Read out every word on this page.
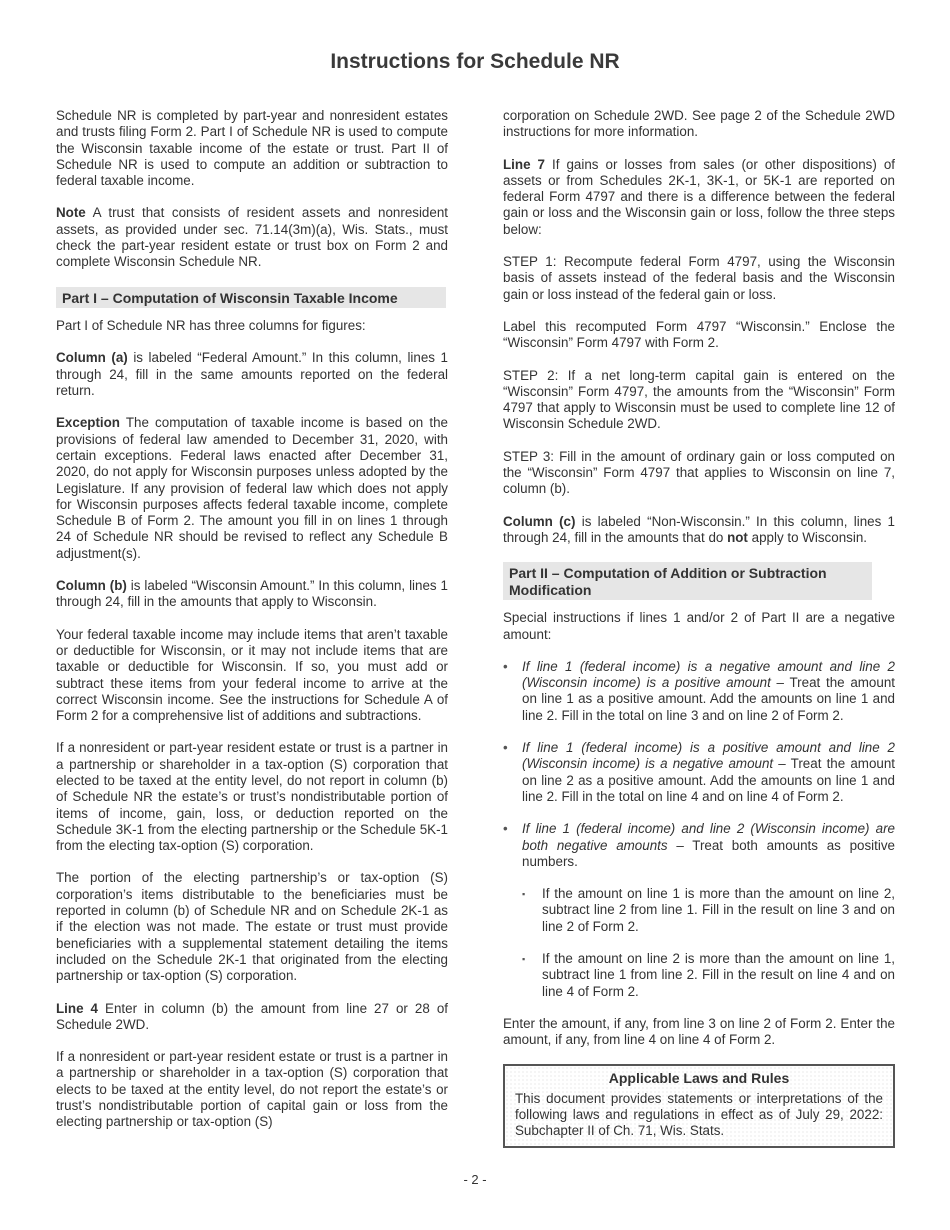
Instructions for Schedule NR

Schedule NR is completed by part-year and nonresident estates and trusts filing Form 2. Part I of Schedule NR is used to compute the Wisconsin taxable income of the estate or trust. Part II of Schedule NR is used to compute an addition or subtraction to federal taxable income.

Note A trust that consists of resident assets and nonresident assets, as provided under sec. 71.14(3m)(a), Wis. Stats., must check the part-year resident estate or trust box on Form 2 and complete Wisconsin Schedule NR.

Part I – Computation of Wisconsin Taxable Income

Part I of Schedule NR has three columns for figures:

Column (a) is labeled “Federal Amount.” In this column, lines 1 through 24, fill in the same amounts reported on the federal return.

Exception The computation of taxable income is based on the provisions of federal law amended to December 31, 2020, with certain exceptions. Federal laws enacted after December 31, 2020, do not apply for Wisconsin purposes unless adopted by the Legislature. If any provision of federal law which does not apply for Wisconsin purposes affects federal taxable income, complete Schedule B of Form 2. The amount you fill in on lines 1 through 24 of Schedule NR should be revised to reflect any Schedule B adjustment(s).

Column (b) is labeled “Wisconsin Amount.” In this column, lines 1 through 24, fill in the amounts that apply to Wisconsin.

Your federal taxable income may include items that aren’t taxable or deductible for Wisconsin, or it may not include items that are taxable or deductible for Wisconsin. If so, you must add or subtract these items from your federal income to arrive at the correct Wisconsin income. See the instructions for Schedule A of Form 2 for a comprehensive list of additions and subtractions.

If a nonresident or part-year resident estate or trust is a partner in a partnership or shareholder in a tax-option (S) corporation that elected to be taxed at the entity level, do not report in column (b) of Schedule NR the estate’s or trust’s nondistributable portion of items of income, gain, loss, or deduction reported on the Schedule 3K-1 from the electing partnership or the Schedule 5K-1 from the electing tax-option (S) corporation.

The portion of the electing partnership’s or tax-option (S) corporation’s items distributable to the beneficiaries must be reported in column (b) of Schedule NR and on Schedule 2K-1 as if the election was not made. The estate or trust must provide beneficiaries with a supplemental statement detailing the items included on the Schedule 2K-1 that originated from the electing partnership or tax-option (S) corporation.

Line 4 Enter in column (b) the amount from line 27 or 28 of Schedule 2WD.

If a nonresident or part-year resident estate or trust is a partner in a partnership or shareholder in a tax-option (S) corporation that elects to be taxed at the entity level, do not report the estate’s or trust’s nondistributable portion of capital gain or loss from the electing partnership or tax-option (S)

corporation on Schedule 2WD. See page 2 of the Schedule 2WD instructions for more information.

Line 7 If gains or losses from sales (or other dispositions) of assets or from Schedules 2K-1, 3K-1, or 5K-1 are reported on federal Form 4797 and there is a difference between the federal gain or loss and the Wisconsin gain or loss, follow the three steps below:

STEP 1: Recompute federal Form 4797, using the Wisconsin basis of assets instead of the federal basis and the Wisconsin gain or loss instead of the federal gain or loss.

Label this recomputed Form 4797 “Wisconsin.” Enclose the “Wisconsin” Form 4797 with Form 2.

STEP 2: If a net long-term capital gain is entered on the “Wisconsin” Form 4797, the amounts from the “Wisconsin” Form 4797 that apply to Wisconsin must be used to complete line 12 of Wisconsin Schedule 2WD.

STEP 3: Fill in the amount of ordinary gain or loss computed on the “Wisconsin” Form 4797 that applies to Wisconsin on line 7, column (b).

Column (c) is labeled “Non-Wisconsin.” In this column, lines 1 through 24, fill in the amounts that do not apply to Wisconsin.

Part II – Computation of Addition or Subtraction Modification

Special instructions if lines 1 and/or 2 of Part II are a negative amount:

• If line 1 (federal income) is a negative amount and line 2 (Wisconsin income) is a positive amount – Treat the amount on line 1 as a positive amount. Add the amounts on line 1 and line 2. Fill in the total on line 3 and on line 2 of Form 2.
• If line 1 (federal income) is a positive amount and line 2 (Wisconsin income) is a negative amount – Treat the amount on line 2 as a positive amount. Add the amounts on line 1 and line 2. Fill in the total on line 4 and on line 4 of Form 2.
• If line 1 (federal income) and line 2 (Wisconsin income) are both negative amounts – Treat both amounts as positive numbers.
▪ If the amount on line 1 is more than the amount on line 2, subtract line 2 from line 1. Fill in the result on line 3 and on line 2 of Form 2.
▪ If the amount on line 2 is more than the amount on line 1, subtract line 1 from line 2. Fill in the result on line 4 and on line 4 of Form 2.

Enter the amount, if any, from line 3 on line 2 of Form 2. Enter the amount, if any, from line 4 on line 4 of Form 2.

Applicable Laws and Rules
This document provides statements or interpretations of the following laws and regulations in effect as of July 29, 2022: Subchapter II of Ch. 71, Wis. Stats.
- 2 -
